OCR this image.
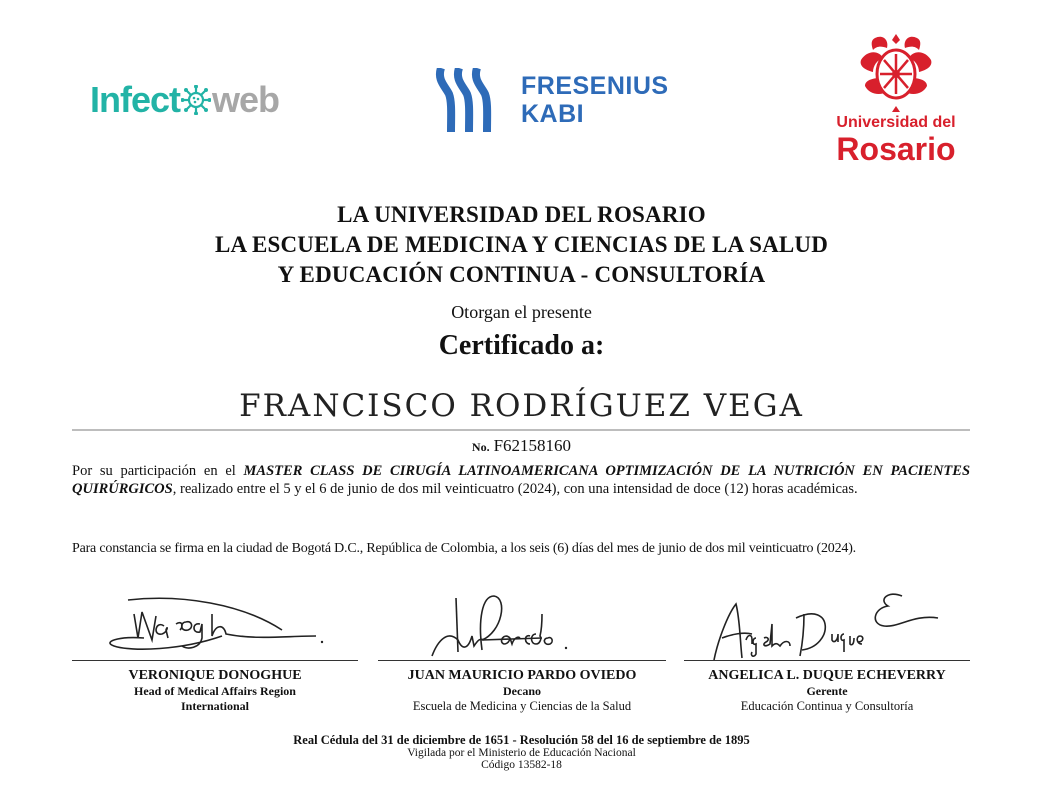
Infect web	FRESENIUS
KABI	Universidad del
Rosario
LA UNIVERSIDAD DEL ROSARIO
LA ESCUELA DE MEDICINA Y CIENCIAS DE LA SALUD
Y EDUCACIÓN CONTINUA - CONSULTORÍA
Otorgan el presente
Certificado a:
FRANCISCO RODRÍGUEZ VEGA
No. F62158160
Por su participación en el MASTER CLASS DE CIRUGÍA LATINOAMERICANA OPTIMIZACIÓN DE LA NUTRICIÓN EN PACIENTES QUIRÚRGICOS, realizado entre el 5 y el 6 de junio de dos mil veinticuatro (2024), con una intensidad de doce (12) horas académicas.
Para constancia se firma en la ciudad de Bogotá D.C., República de Colombia, a los seis (6) días del mes de junio de dos mil veinticuatro (2024).
VERONIQUE DONOGHUE
Head of Medical Affairs Region
International
JUAN MAURICIO PARDO OVIEDO
Decano
Escuela de Medicina y Ciencias de la Salud
ANGELICA L. DUQUE ECHEVERRY
Gerente
Educación Continua y Consultoría
Real Cédula del 31 de diciembre de 1651 - Resolución 58 del 16 de septiembre de 1895
Vigilada por el Ministerio de Educación Nacional
Código 13582-18
